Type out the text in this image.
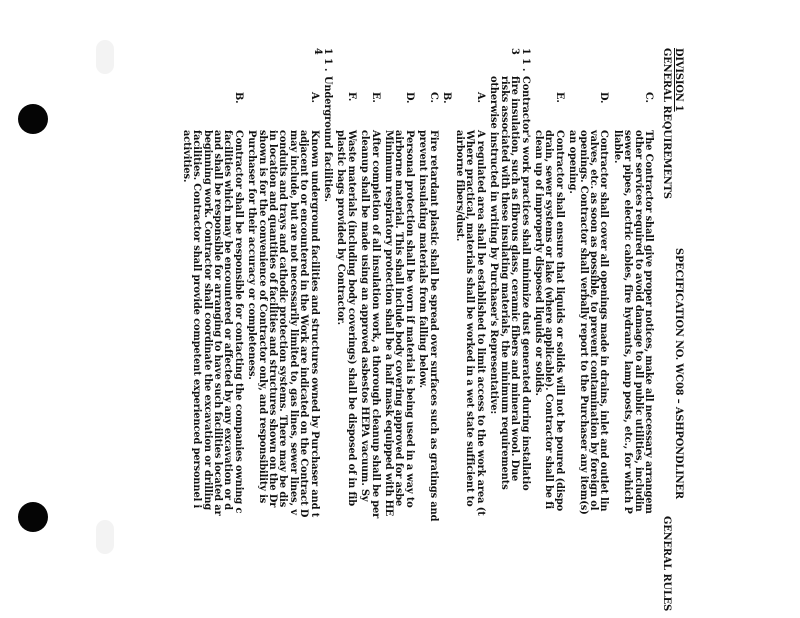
DIVISION 1
SPECIFICATION NO. WC08 – ASHPONDLINER
GENERAL REQUIREMENTS
GENERAL RULES
C.
The Contractor shall give proper notices, make all necessary arrangem
other services required to avoid damage to all public utilities, includin
sewer pipes, electric cables, fire hydrants, lamp posts, etc., for which P
liable.
D.
Contractor shall cover all openings made in drains, inlet and outlet lin
valves, etc. as soon as possible, to prevent contamination by foreign ol
openings. Contractor shall verbally report to the Purchaser any item(s)
an opening.
E.
Contractor shall ensure that liquids or solids will not be poured (dispo
drain, sewer systems or lake (where applicable). Contractor shall be fi
clean up of improperly disposed liquids or solids.
1 1 . 3
Contractor's work practices shall minimize dust generated during installatio
fire insulation, such as fibrous glass, ceramic fibers and mineral wool. Due
risks associated with these insulating materials, the minimum requirements
otherwise instructed in writing by Purchaser's Representative:
A.
A regulated area shall be established to limit access to the work area (t
Where practical, materials shall be worked in a wet state sufficient to
airborne fibers/dust.
B.
C.
Fire retardant plastic shall be spread over surfaces such as gratings and
prevent insulating materials from falling below.
D.
Personal protection shall be worn if material is being used in a way to
airborne material. This shall include body covering approved for asbe
Minimum respiratory protection shall be a half mask equipped with HE
E.
After completion of all insulation work, a thorough cleanup shall be per
cleanup shall be made using an approved asbestos HEPA vacuum. Sy
F.
Waste materials (including body coverings) shall be disposed of in fib
plastic bags provided by Contractor.
1 1 . 4
Underground facilities.
A.
Known underground facilities and structures owned by Purchaser and t
adjacent to or encountered in the Work are indicated on the Contract D
may include, but are not necessarily limited to, gas lines, sewer lines, v
conduits and trays and cathodic protection systems. There may be dis
in location and quantities of facilities and structures shown on the Dr
shown is for the convenience of Contractor only, and responsibility is
Purchaser for their accuracy or completeness.
B.
Contractor shall be responsible for contacting the companies owning c
facilities which may be encountered or affected by any excavation or d
and shall be responsible for arranging to have such facilities located ar
beginning work. Contractor shall coordinate the excavation or drilling
facilities. Contractor shall provide competent experienced personnel i
activities.
